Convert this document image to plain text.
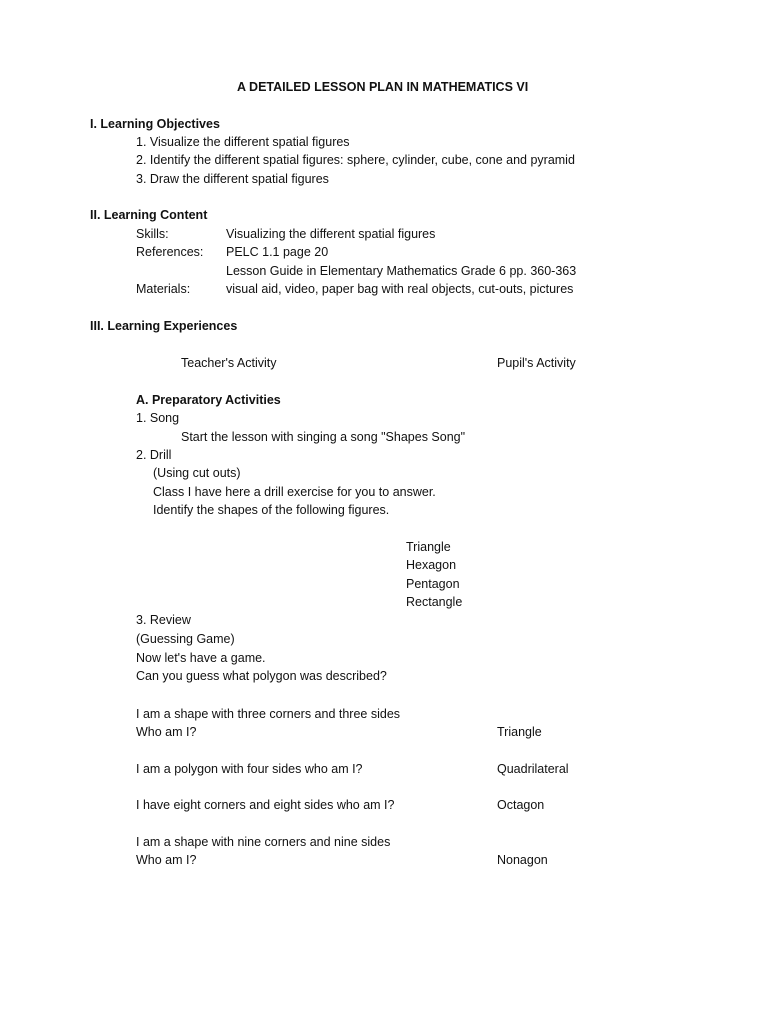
A DETAILED LESSON PLAN IN MATHEMATICS VI
I. Learning Objectives
1. Visualize the different spatial figures
2. Identify the different spatial figures: sphere, cylinder, cube, cone and pyramid
3. Draw the different spatial figures
II. Learning Content
Skills:	Visualizing the different spatial figures
References: PELC 1.1 page 20
Lesson Guide in Elementary Mathematics Grade 6 pp. 360-363
Materials:	visual aid, video, paper bag with real objects, cut-outs, pictures
III. Learning Experiences
Teacher's Activity	Pupil's Activity
A. Preparatory Activities
1. Song
Start the lesson with singing a song "Shapes Song"
2. Drill
(Using cut outs)
Class I have here a drill exercise for you to answer.
Identify the shapes of the following figures.
Triangle
Hexagon
Pentagon
Rectangle
3. Review
(Guessing Game)
Now let's have a game.
Can you guess what polygon was described?
I am a shape with three corners and three sides
Who am I?	Triangle
I am a polygon with four sides who am I?	Quadrilateral
I have eight corners and eight sides who am I?	Octagon
I am a shape with nine corners and nine sides
Who am I?	Nonagon
